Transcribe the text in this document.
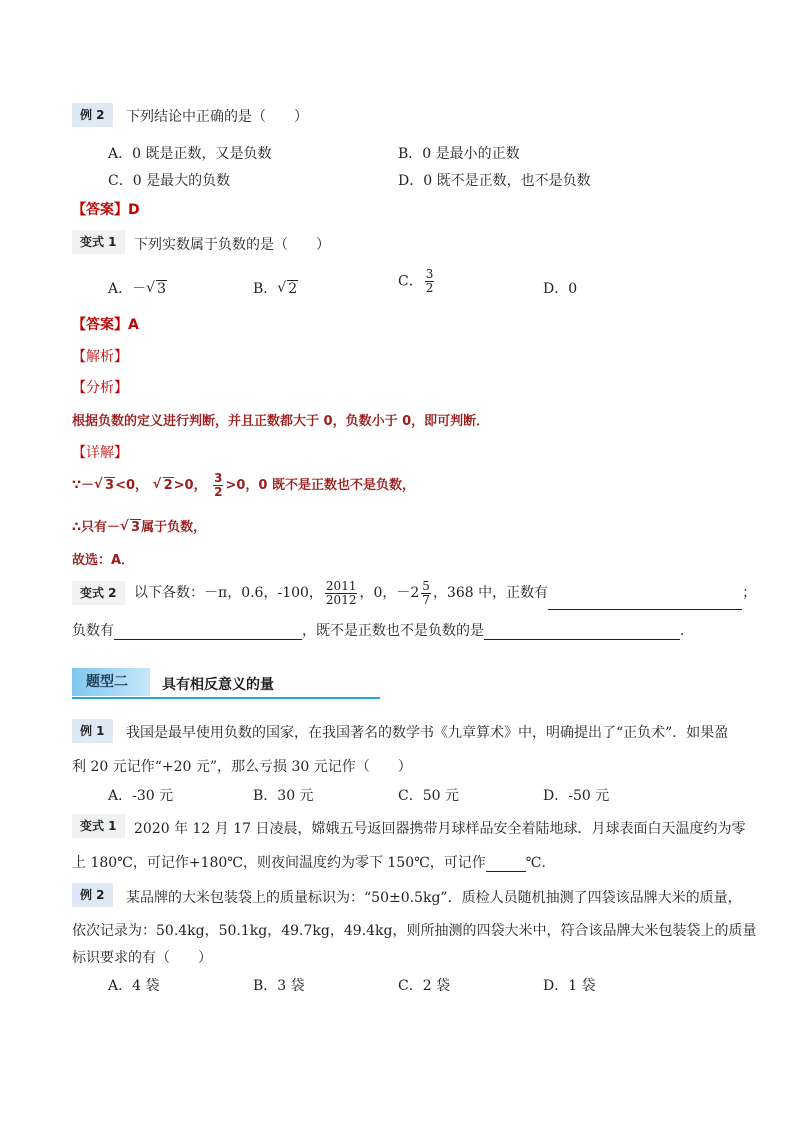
例 2	下列结论中正确的是（　　）
A．0 既是正数，又是负数	B．0 是最小的正数
C．0 是最大的负数	D．0 既不是正数，也不是负数
【答案】D
变式 1	下列实数属于负数的是（　　）
A．－ √ 3	B． √ 2	C． $\frac{3}{2}$	D．0
【答案】A
【解析】
【分析】
根据负数的定义进行判断，并且正数都大于 0，负数小于 0，即可判断．
【详解】
∵－ √ 3<0， √ 2>0， $\frac{3}{2} >0$，0 既不是正数也不是负数，
∴只有－ √ 3属于负数，
故选：A．
变式 2	以下各数：－π，0.6，-100， $\frac{2011}{2012}$ ，0，$-2 \frac{5}{7}$ ，368 中，正数有	；
负数有	，既不是正数也不是负数的是	．
题型二	具有相反意义的量
例 1	我国是最早使用负数的国家，在我国著名的数学书《九章算术》中，明确提出了“正负术”．如果盈
利 20 元记作“+20 元”，那么亏损 30 元记作（　　）
A．-30 元	B．30 元	C．50 元	D．-50 元
变式 1	2020 年 12 月 17 日凌晨，嫦娥五号返回器携带月球样品安全着陆地球．月球表面白天温度约为零
上 180℃，可记作+180℃，则夜间温度约为零下 150℃，可记作	℃．
例 2	某品牌的大米包装袋上的质量标识为：“50±0.5kg”．质检人员随机抽测了四袋该品牌大米的质量，
依次记录为：50.4kg，50.1kg，49.7kg，49.4kg，则所抽测的四袋大米中，符合该品牌大米包装袋上的质量
标识要求的有（　　）
A．4 袋	B．3 袋	C．2 袋	D．1 袋
